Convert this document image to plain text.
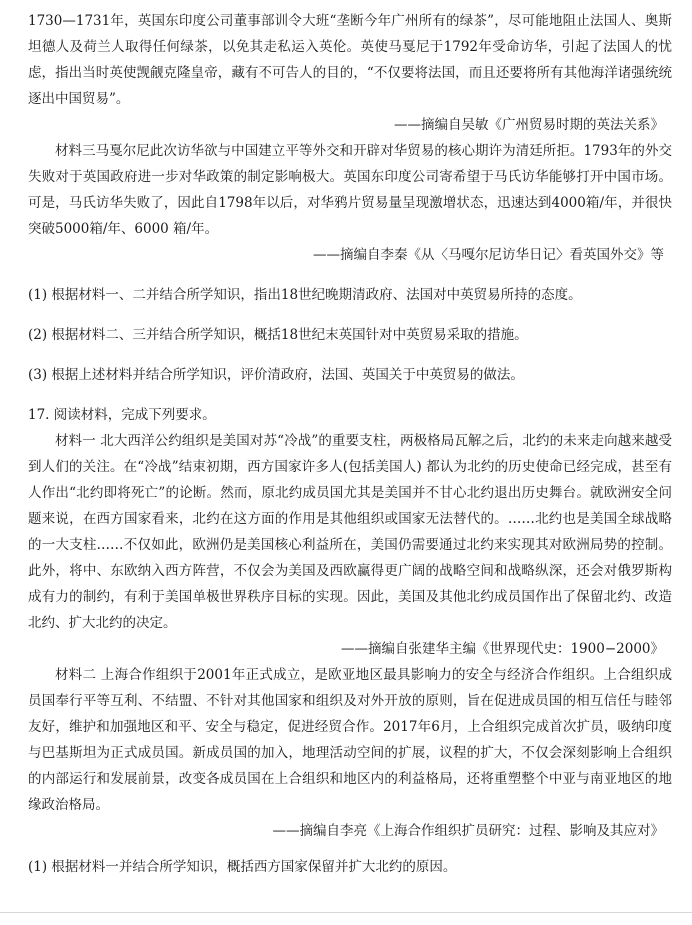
1730—1731年，英国东印度公司董事部训令大班“垄断今年广州所有的绿茶”，尽可能地阻止法国人、奥斯坦德人及荷兰人取得任何绿茶，以免其走私运入英伦。英使马戛尼于1792年受命访华，引起了法国人的忧虑，指出当时英使觊觎克隆皇帝，藏有不可告人的目的，“不仅要将法国，而且还要将所有其他海洋诸强统统逐出中国贸易”。

——摘编自吴敏《广州贸易时期的英法关系》

材料三马戛尔尼此次访华欲与中国建立平等外交和开辟对华贸易的核心期许为清廷所拒。1793年的外交失败对于英国政府进一步对华政策的制定影响极大。英国东印度公司寄希望于马氏访华能够打开中国市场。可是，马氏访华失败了，因此自1798年以后，对华鸦片贸易量呈现激增状态，迅速达到4000箱/年，并很快突破5000箱/年、6000 箱/年。

——摘编自李秦《从〈马嘎尔尼访华日记〉看英国外交》等

(1) 根据材料一、二并结合所学知识，指出18世纪晚期清政府、法国对中英贸易所持的态度。

(2) 根据材料二、三并结合所学知识，概括18世纪末英国针对中英贸易采取的措施。

(3) 根据上述材料并结合所学知识，评价清政府，法国、英国关于中英贸易的做法。

17. 阅读材料，完成下列要求。

材料一 北大西洋公约组织是美国对苏“冷战”的重要支柱，两极格局瓦解之后，北约的未来走向越来越受到人们的关注。在“冷战”结束初期，西方国家许多人(包括美国人) 都认为北约的历史使命已经完成，甚至有人作出“北约即将死亡”的论断。然而，原北约成员国尤其是美国并不甘心北约退出历史舞台。就欧洲安全问题来说，在西方国家看来，北约在这方面的作用是其他组织或国家无法替代的。……北约也是美国全球战略的一大支柱……不仅如此，欧洲仍是美国核心利益所在，美国仍需要通过北约来实现其对欧洲局势的控制。此外，将中、东欧纳入西方阵营，不仅会为美国及西欧赢得更广阔的战略空间和战略纵深，还会对俄罗斯构成有力的制约，有利于美国单极世界秩序目标的实现。因此，美国及其他北约成员国作出了保留北约、改造北约、扩大北约的决定。

——摘编自张建华主编《世界现代史：1900−2000》

材料二 上海合作组织于2001年正式成立，是欧亚地区最具影响力的安全与经济合作组织。上合组织成员国奉行平等互利、不结盟、不针对其他国家和组织及对外开放的原则，旨在促进成员国的相互信任与睦邻友好，维护和加强地区和平、安全与稳定，促进经贸合作。2017年6月，上合组织完成首次扩员，吸纳印度与巴基斯坦为正式成员国。新成员国的加入，地理活动空间的扩展，议程的扩大，不仅会深刻影响上合组织的内部运行和发展前景，改变各成员国在上合组织和地区内的利益格局，还将重塑整个中亚与南亚地区的地缘政治格局。

——摘编自李亮《上海合作组织扩员研究：过程、影响及其应对》

(1) 根据材料一并结合所学知识，概括西方国家保留并扩大北约的原因。
